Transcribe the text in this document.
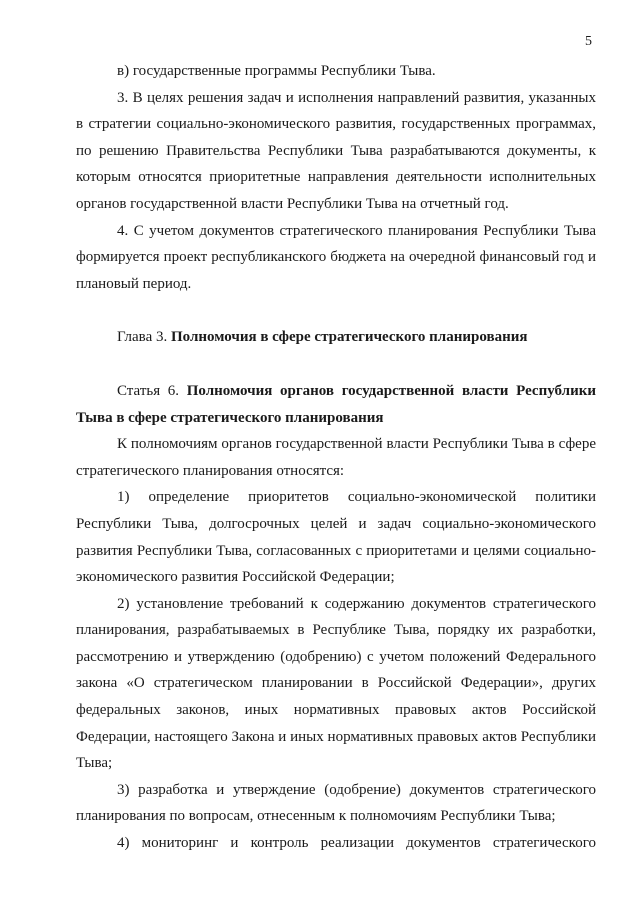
5

в) государственные программы Республики Тыва.

3. В целях решения задач и исполнения направлений развития, указанных в стратегии социально-экономического развития, государственных программах, по решению Правительства Республики Тыва разрабатываются документы, к которым относятся приоритетные направления деятельности исполнительных органов государственной власти Республики Тыва на отчетный год.

4. С учетом документов стратегического планирования Республики Тыва формируется проект республиканского бюджета на очередной финансовый год и плановый период.

Глава 3. Полномочия в сфере стратегического планирования

Статья 6. Полномочия органов государственной власти Республики Тыва в сфере стратегического планирования

К полномочиям органов государственной власти Республики Тыва в сфере стратегического планирования относятся:

1) определение приоритетов социально-экономической политики Республики Тыва, долгосрочных целей и задач социально-экономического развития Республики Тыва, согласованных с приоритетами и целями социально-экономического развития Российской Федерации;

2) установление требований к содержанию документов стратегического планирования, разрабатываемых в Республике Тыва, порядку их разработки, рассмотрению и утверждению (одобрению) с учетом положений Федерального закона «О стратегическом планировании в Российской Федерации», других федеральных законов, иных нормативных правовых актов Российской Федерации, настоящего Закона и иных нормативных правовых актов Республики Тыва;

3) разработка и утверждение (одобрение) документов стратегического планирования по вопросам, отнесенным к полномочиям Республики Тыва;

4) мониторинг и контроль реализации документов стратегического
